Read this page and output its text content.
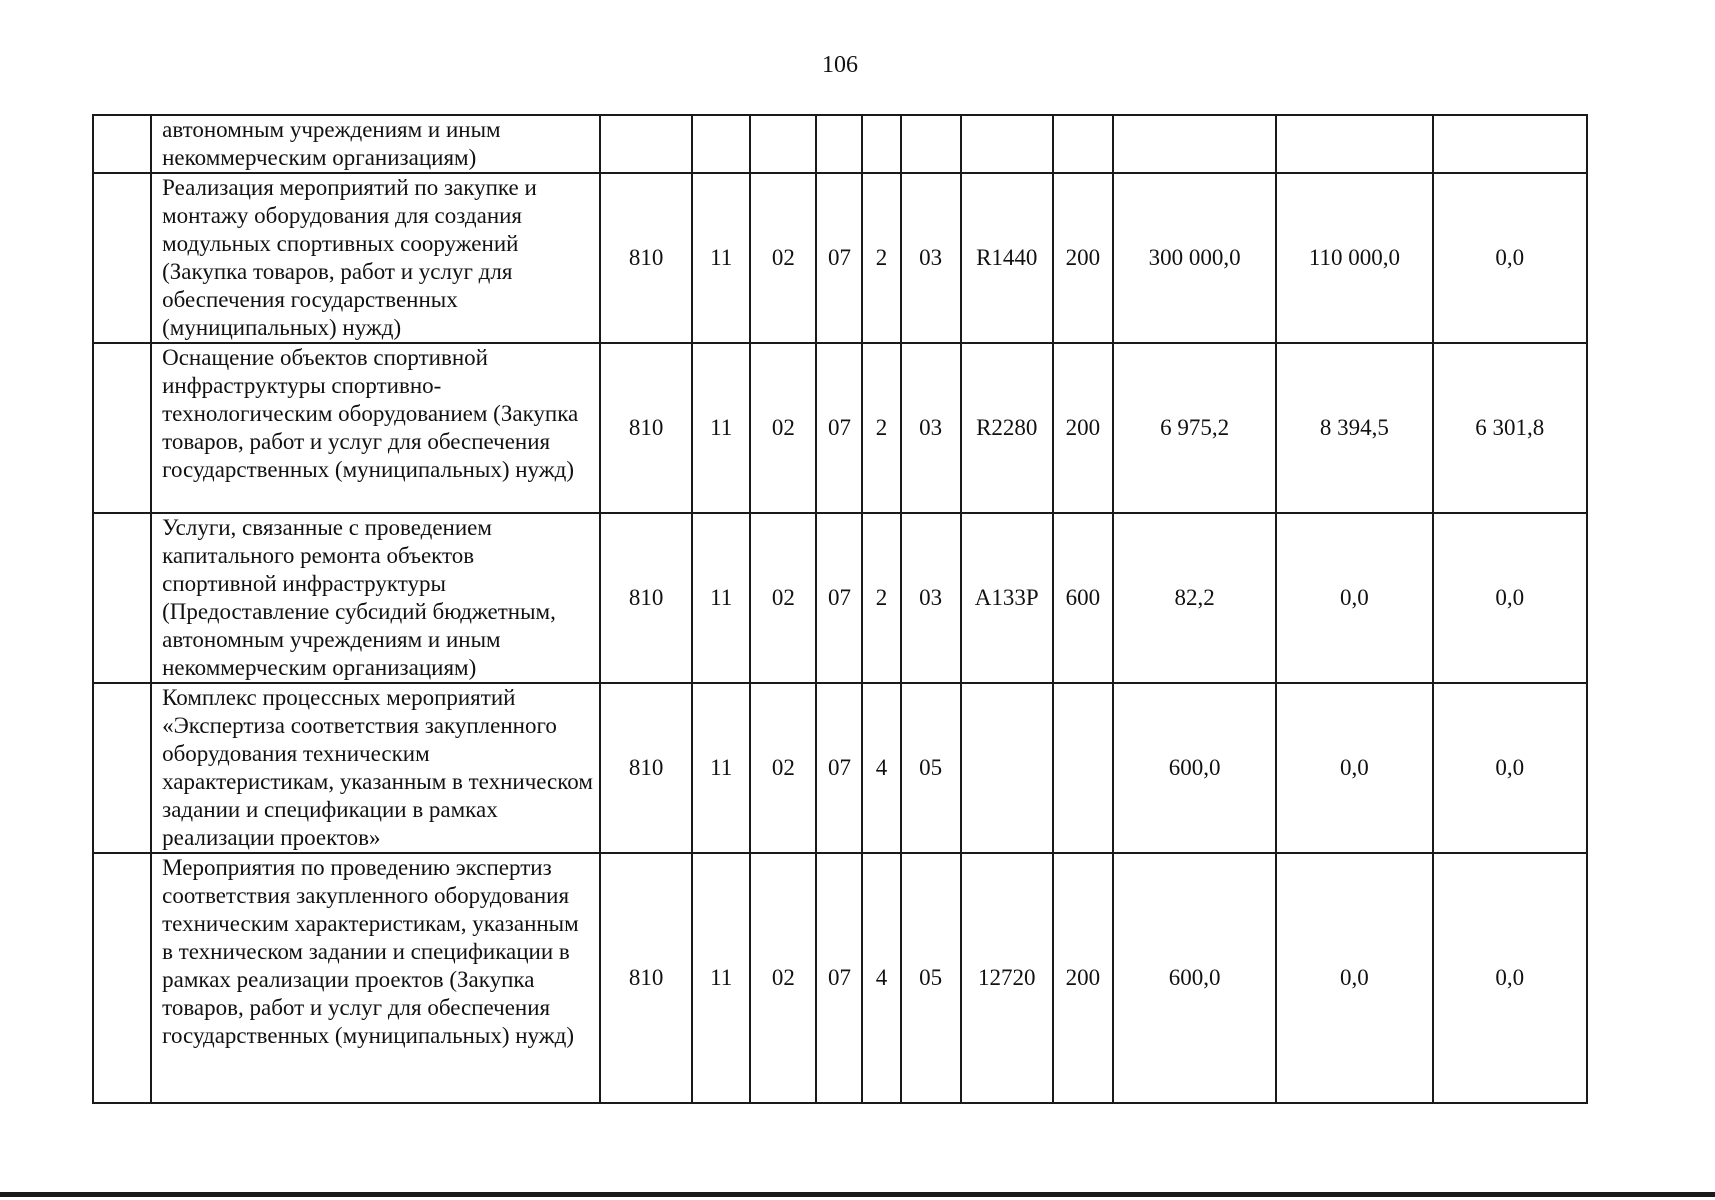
106
	автономным учреждениям и иным некоммерческим организациям)											
	Реализация мероприятий по закупке и монтажу оборудования для создания модульных спортивных сооружений (Закупка товаров, работ и услуг для обеспечения государственных (муниципальных) нужд)	810	11	02	07	2	03	R1440	200	300 000,0	110 000,0	0,0
	Оснащение объектов спортивной инфраструктуры спортивно-технологическим оборудованием (Закупка товаров, работ и услуг для обеспечения государственных (муниципальных) нужд)	810	11	02	07	2	03	R2280	200	6 975,2	8 394,5	6 301,8
	Услуги, связанные с проведением капитального ремонта объектов спортивной инфраструктуры (Предоставление субсидий бюджетным, автономным учреждениям и иным некоммерческим организациям)	810	11	02	07	2	03	А133Р	600	82,2	0,0	0,0
	Комплекс процессных мероприятий «Экспертиза соответствия закупленного оборудования техническим характеристикам, указанным в техническом задании и спецификации в рамках реализации проектов»	810	11	02	07	4	05			600,0	0,0	0,0
	Мероприятия по проведению экспертиз соответствия закупленного оборудования техническим характеристикам, указанным в техническом задании и спецификации в рамках реализации проектов (Закупка товаров, работ и услуг для обеспечения государственных (муниципальных) нужд)	810	11	02	07	4	05	12720	200	600,0	0,0	0,0
